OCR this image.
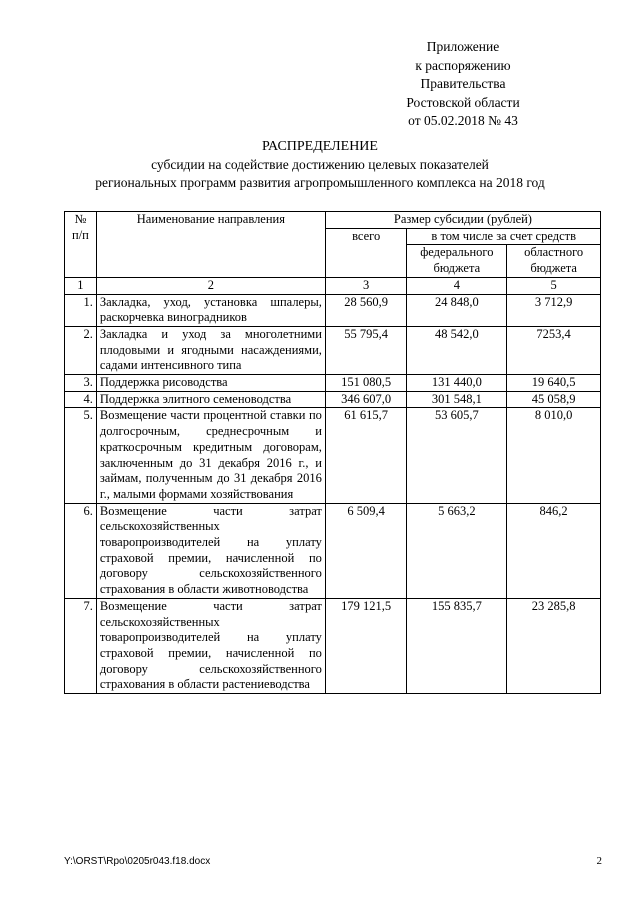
Приложение
к распоряжению
Правительства
Ростовской области
от 05.02.2018 № 43
РАСПРЕДЕЛЕНИЕ
субсидии на содействие достижению целевых показателей
региональных программ развития агропромышленного комплекса на 2018 год
№ п/п	Наименование направления	Размер субсидии (рублей)		
		всего	в том числе за счет средств	
			федерального бюджета	областного бюджета
1	2	3	4	5
1.	Закладка, уход, установка шпалеры, раскорчевка виноградников	28 560,9	24 848,0	3 712,9
2.	Закладка и уход за многолетними плодовыми и ягодными насаждениями, садами интенсивного типа	55 795,4	48 542,0	7253,4
3.	Поддержка рисоводства	151 080,5	131 440,0	19 640,5
4.	Поддержка элитного семеноводства	346 607,0	301 548,1	45 058,9
5.	Возмещение части процентной ставки по долгосрочным, среднесрочным и краткосрочным кредитным договорам, заключенным до 31 декабря 2016 г., и займам, полученным до 31 декабря 2016 г., малыми формами хозяйствования	61 615,7	53 605,7	8 010,0
6.	Возмещение части затрат сельскохозяйственных товаропроизводителей на уплату страховой премии, начисленной по договору сельскохозяйственного страхования в области животноводства	6 509,4	5 663,2	846,2
7.	Возмещение части затрат сельскохозяйственных товаропроизводителей на уплату страховой премии, начисленной по договору сельскохозяйственного страхования в области растениеводства	179 121,5	155 835,7	23 285,8
Y:\ORST\Rpo\0205r043.f18.docx	2
